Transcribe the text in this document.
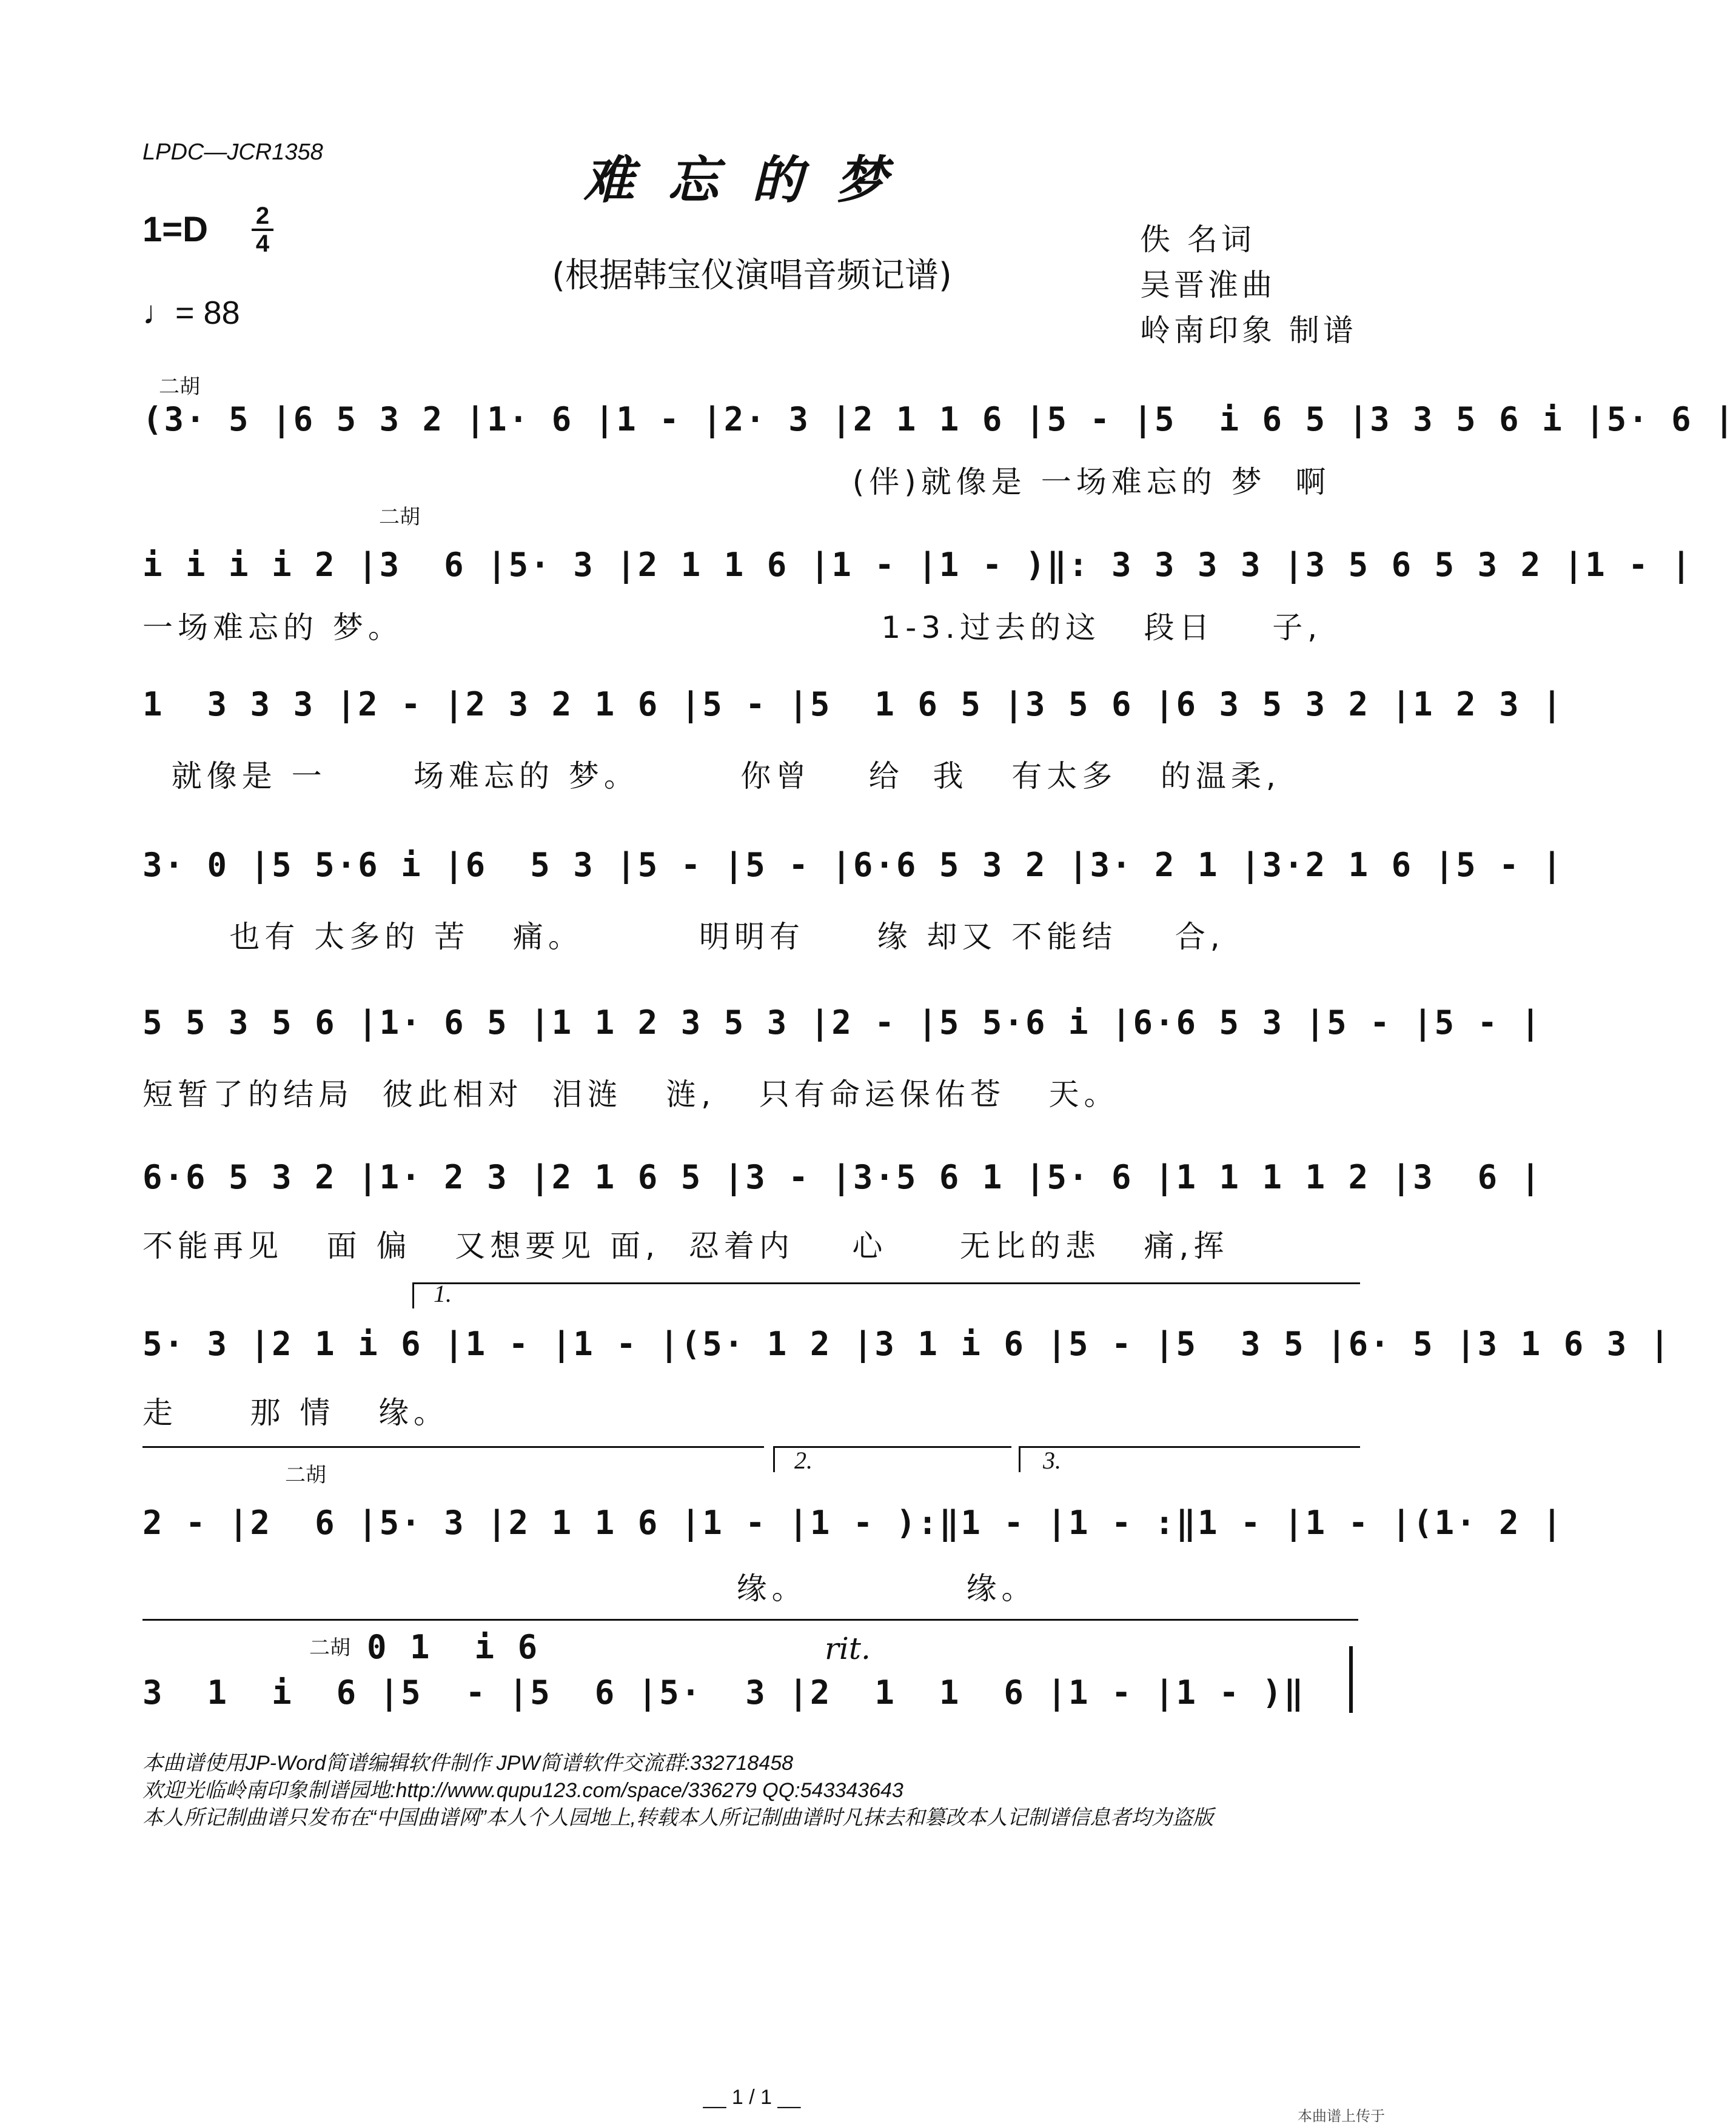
LPDC—JCR1358	难忘的梦
(根据韩宝仪演唱音频记谱)
1=D 2
4
♩= 88
佚 名词
吴晋淮曲
岭南印象 制谱
二胡
(3· 5 |6 5 3 2 |1· 6 |1 - |2· 3 |2 1 1 6 |5 - |5  i 6 5 |3 3 5 6 i |5· 6 |
(伴)就像是 一场难忘的 梦  啊
二胡
i i i i 2 |3  6 |5· 3 |2 1 1 6 |1 - |1 - )‖: 3 3 3 3 |3 5 6 5 3 2 |1 - |
一场难忘的 梦。                                 1-3.过去的这   段日    子,
1  3 3 3 |2 - |2 3 2 1 6 |5 - |5  1 6 5 |3 5 6 |6 3 5 3 2 |1 2 3 |
就像是 一      场难忘的 梦。       你曾    给  我   有太多   的温柔,
3· 0 |5 5·6 i |6  5 3 |5 - |5 - |6·6 5 3 2 |3· 2 1 |3·2 1 6 |5 - |
也有 太多的 苦   痛。        明明有     缘 却又 不能结    合,
5 5 3 5 6 |1· 6 5 |1 1 2 3 5 3 |2 - |5 5·6 i |6·6 5 3 |5 - |5 - |
短暂了的结局  彼此相对  泪涟   涟,   只有命运保佑苍   天。
6·6 5 3 2 |1· 2 3 |2 1 6 5 |3 - |3·5 6 1 |5· 6 |1 1 1 1 2 |3  6 |
不能再见   面 偏   又想要见 面,  忍着内    心     无比的悲   痛,挥
1.
5· 3 |2 1 i 6 |1 - |1 - |(5· 1 2 |3 1 i 6 |5 - |5  3 5 |6· 5 |3 1 6 3 |
走     那 情   缘。
2.	3.
二胡
2 - |2  6 |5· 3 |2 1 1 6 |1 - |1 - ):‖1 - |1 - :‖1 - |1 - |(1· 2 |
缘。           缘。
二胡 0 1  i 6	rit.
3  1  i  6 |5  - |5  6 |5·  3 |2  1  1  6 |1 - |1 - )‖
本曲谱使用JP-Word简谱编辑软件制作 JPW简谱软件交流群:332718458
欢迎光临岭南印象制谱园地:http://www.qupu123.com/space/336279 QQ:543343643
本人所记制曲谱只发布在“中国曲谱网”本人个人园地上,转载本人所记制曲谱时凡抹去和篡改本人记制谱信息者均为盗版
__ 1 / 1 __
本曲谱上传于
